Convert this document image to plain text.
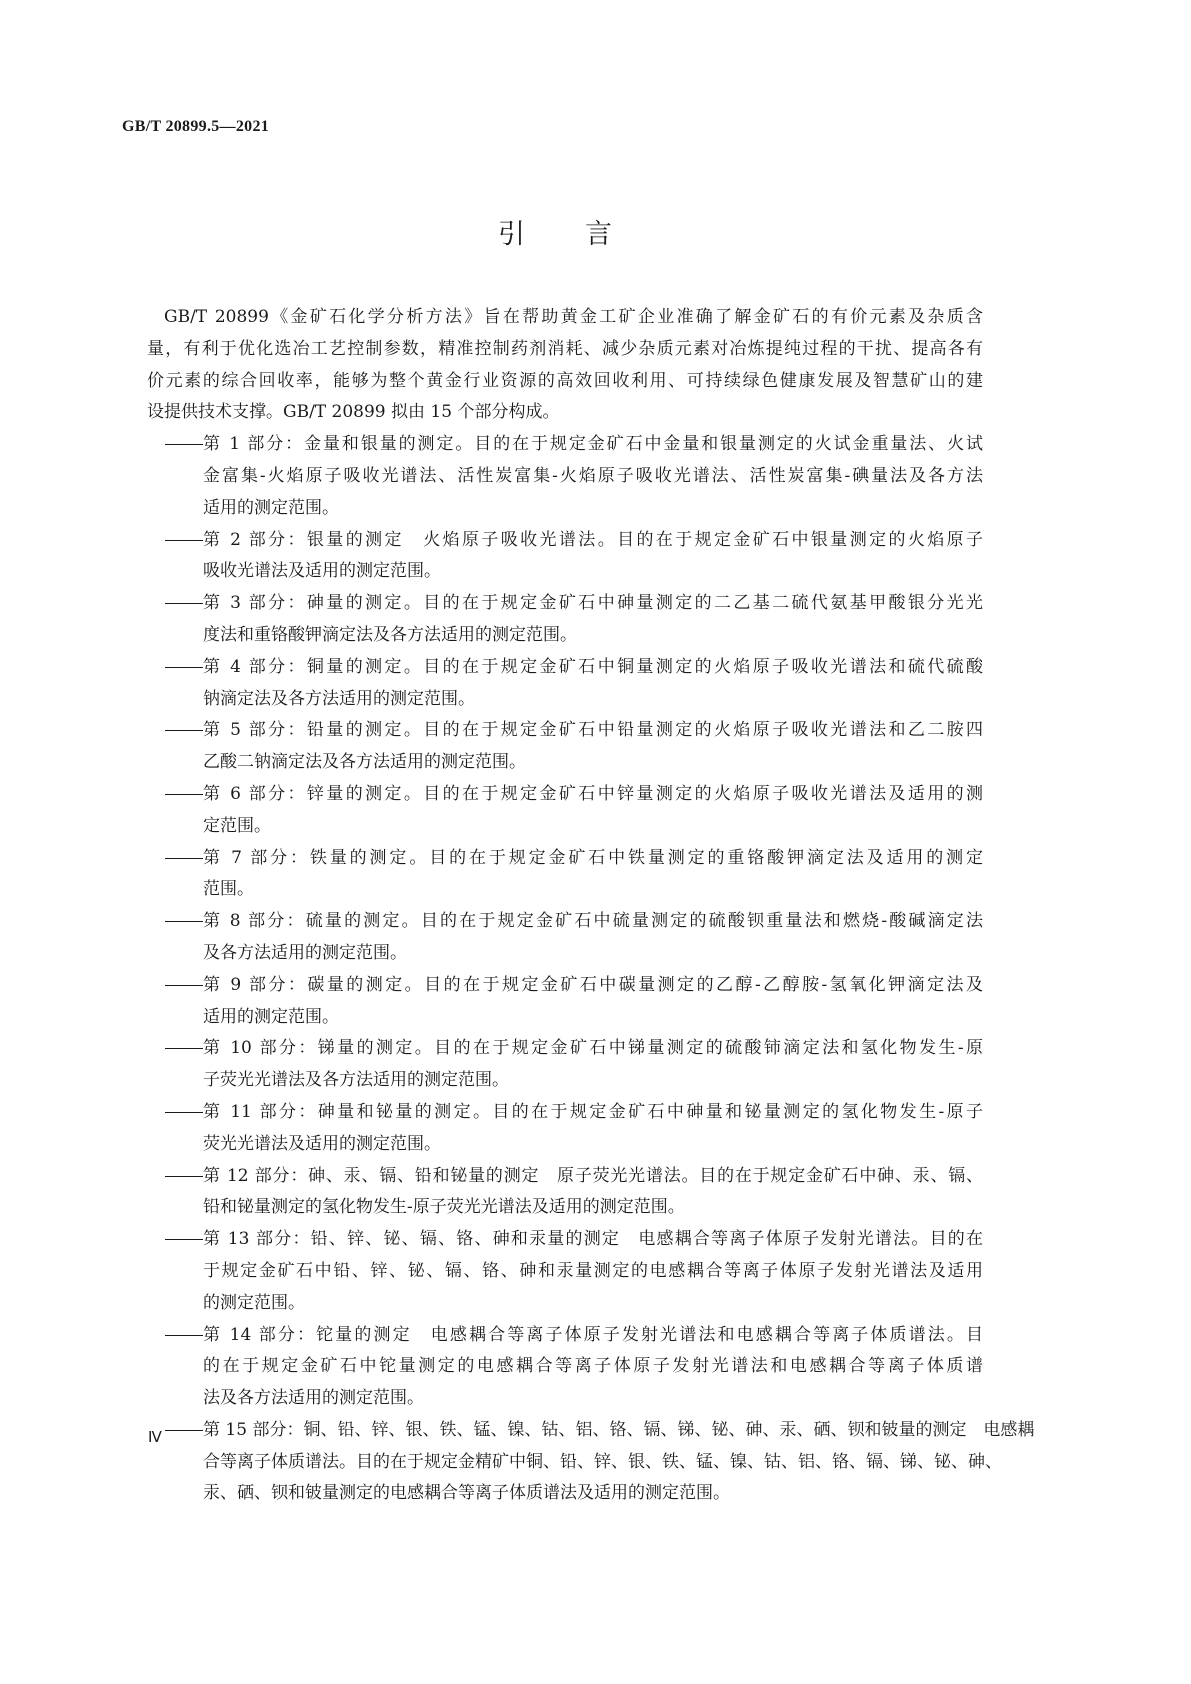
GB/T 20899.5—2021
引言
GB/T 20899《金矿石化学分析方法》旨在帮助黄金工矿企业准确了解金矿石的有价元素及杂质含
量，有利于优化选冶工艺控制参数，精准控制药剂消耗、减少杂质元素对冶炼提纯过程的干扰、提高各有
价元素的综合回收率，能够为整个黄金行业资源的高效回收利用、可持续绿色健康发展及智慧矿山的建
设提供技术支撑。GB/T 20899 拟由 15 个部分构成。
第 1 部分：金量和银量的测定。目的在于规定金矿石中金量和银量测定的火试金重量法、火试
金富集-火焰原子吸收光谱法、活性炭富集-火焰原子吸收光谱法、活性炭富集-碘量法及各方法
适用的测定范围。
第 2 部分：银量的测定　火焰原子吸收光谱法。目的在于规定金矿石中银量测定的火焰原子
吸收光谱法及适用的测定范围。
第 3 部分：砷量的测定。目的在于规定金矿石中砷量测定的二乙基二硫代氨基甲酸银分光光
度法和重铬酸钾滴定法及各方法适用的测定范围。
第 4 部分：铜量的测定。目的在于规定金矿石中铜量测定的火焰原子吸收光谱法和硫代硫酸
钠滴定法及各方法适用的测定范围。
第 5 部分：铅量的测定。目的在于规定金矿石中铅量测定的火焰原子吸收光谱法和乙二胺四
乙酸二钠滴定法及各方法适用的测定范围。
第 6 部分：锌量的测定。目的在于规定金矿石中锌量测定的火焰原子吸收光谱法及适用的测
定范围。
第 7 部分：铁量的测定。目的在于规定金矿石中铁量测定的重铬酸钾滴定法及适用的测定
范围。
第 8 部分：硫量的测定。目的在于规定金矿石中硫量测定的硫酸钡重量法和燃烧-酸碱滴定法
及各方法适用的测定范围。
第 9 部分：碳量的测定。目的在于规定金矿石中碳量测定的乙醇-乙醇胺-氢氧化钾滴定法及
适用的测定范围。
第 10 部分：锑量的测定。目的在于规定金矿石中锑量测定的硫酸铈滴定法和氢化物发生-原
子荧光光谱法及各方法适用的测定范围。
第 11 部分：砷量和铋量的测定。目的在于规定金矿石中砷量和铋量测定的氢化物发生-原子
荧光光谱法及适用的测定范围。
第 12 部分：砷、汞、镉、铅和铋量的测定　原子荧光光谱法。目的在于规定金矿石中砷、汞、镉、
铅和铋量测定的氢化物发生-原子荧光光谱法及适用的测定范围。
第 13 部分：铅、锌、铋、镉、铬、砷和汞量的测定　电感耦合等离子体原子发射光谱法。目的在
于规定金矿石中铅、锌、铋、镉、铬、砷和汞量测定的电感耦合等离子体原子发射光谱法及适用
的测定范围。
第 14 部分：铊量的测定　电感耦合等离子体原子发射光谱法和电感耦合等离子体质谱法。目
的在于规定金矿石中铊量测定的电感耦合等离子体原子发射光谱法和电感耦合等离子体质谱
法及各方法适用的测定范围。
第 15 部分：铜、铅、锌、银、铁、锰、镍、钴、铝、铬、镉、锑、铋、砷、汞、硒、钡和铍量的测定　电感耦
合等离子体质谱法。目的在于规定金精矿中铜、铅、锌、银、铁、锰、镍、钴、铝、铬、镉、锑、铋、砷、
汞、硒、钡和铍量测定的电感耦合等离子体质谱法及适用的测定范围。
Ⅳ
